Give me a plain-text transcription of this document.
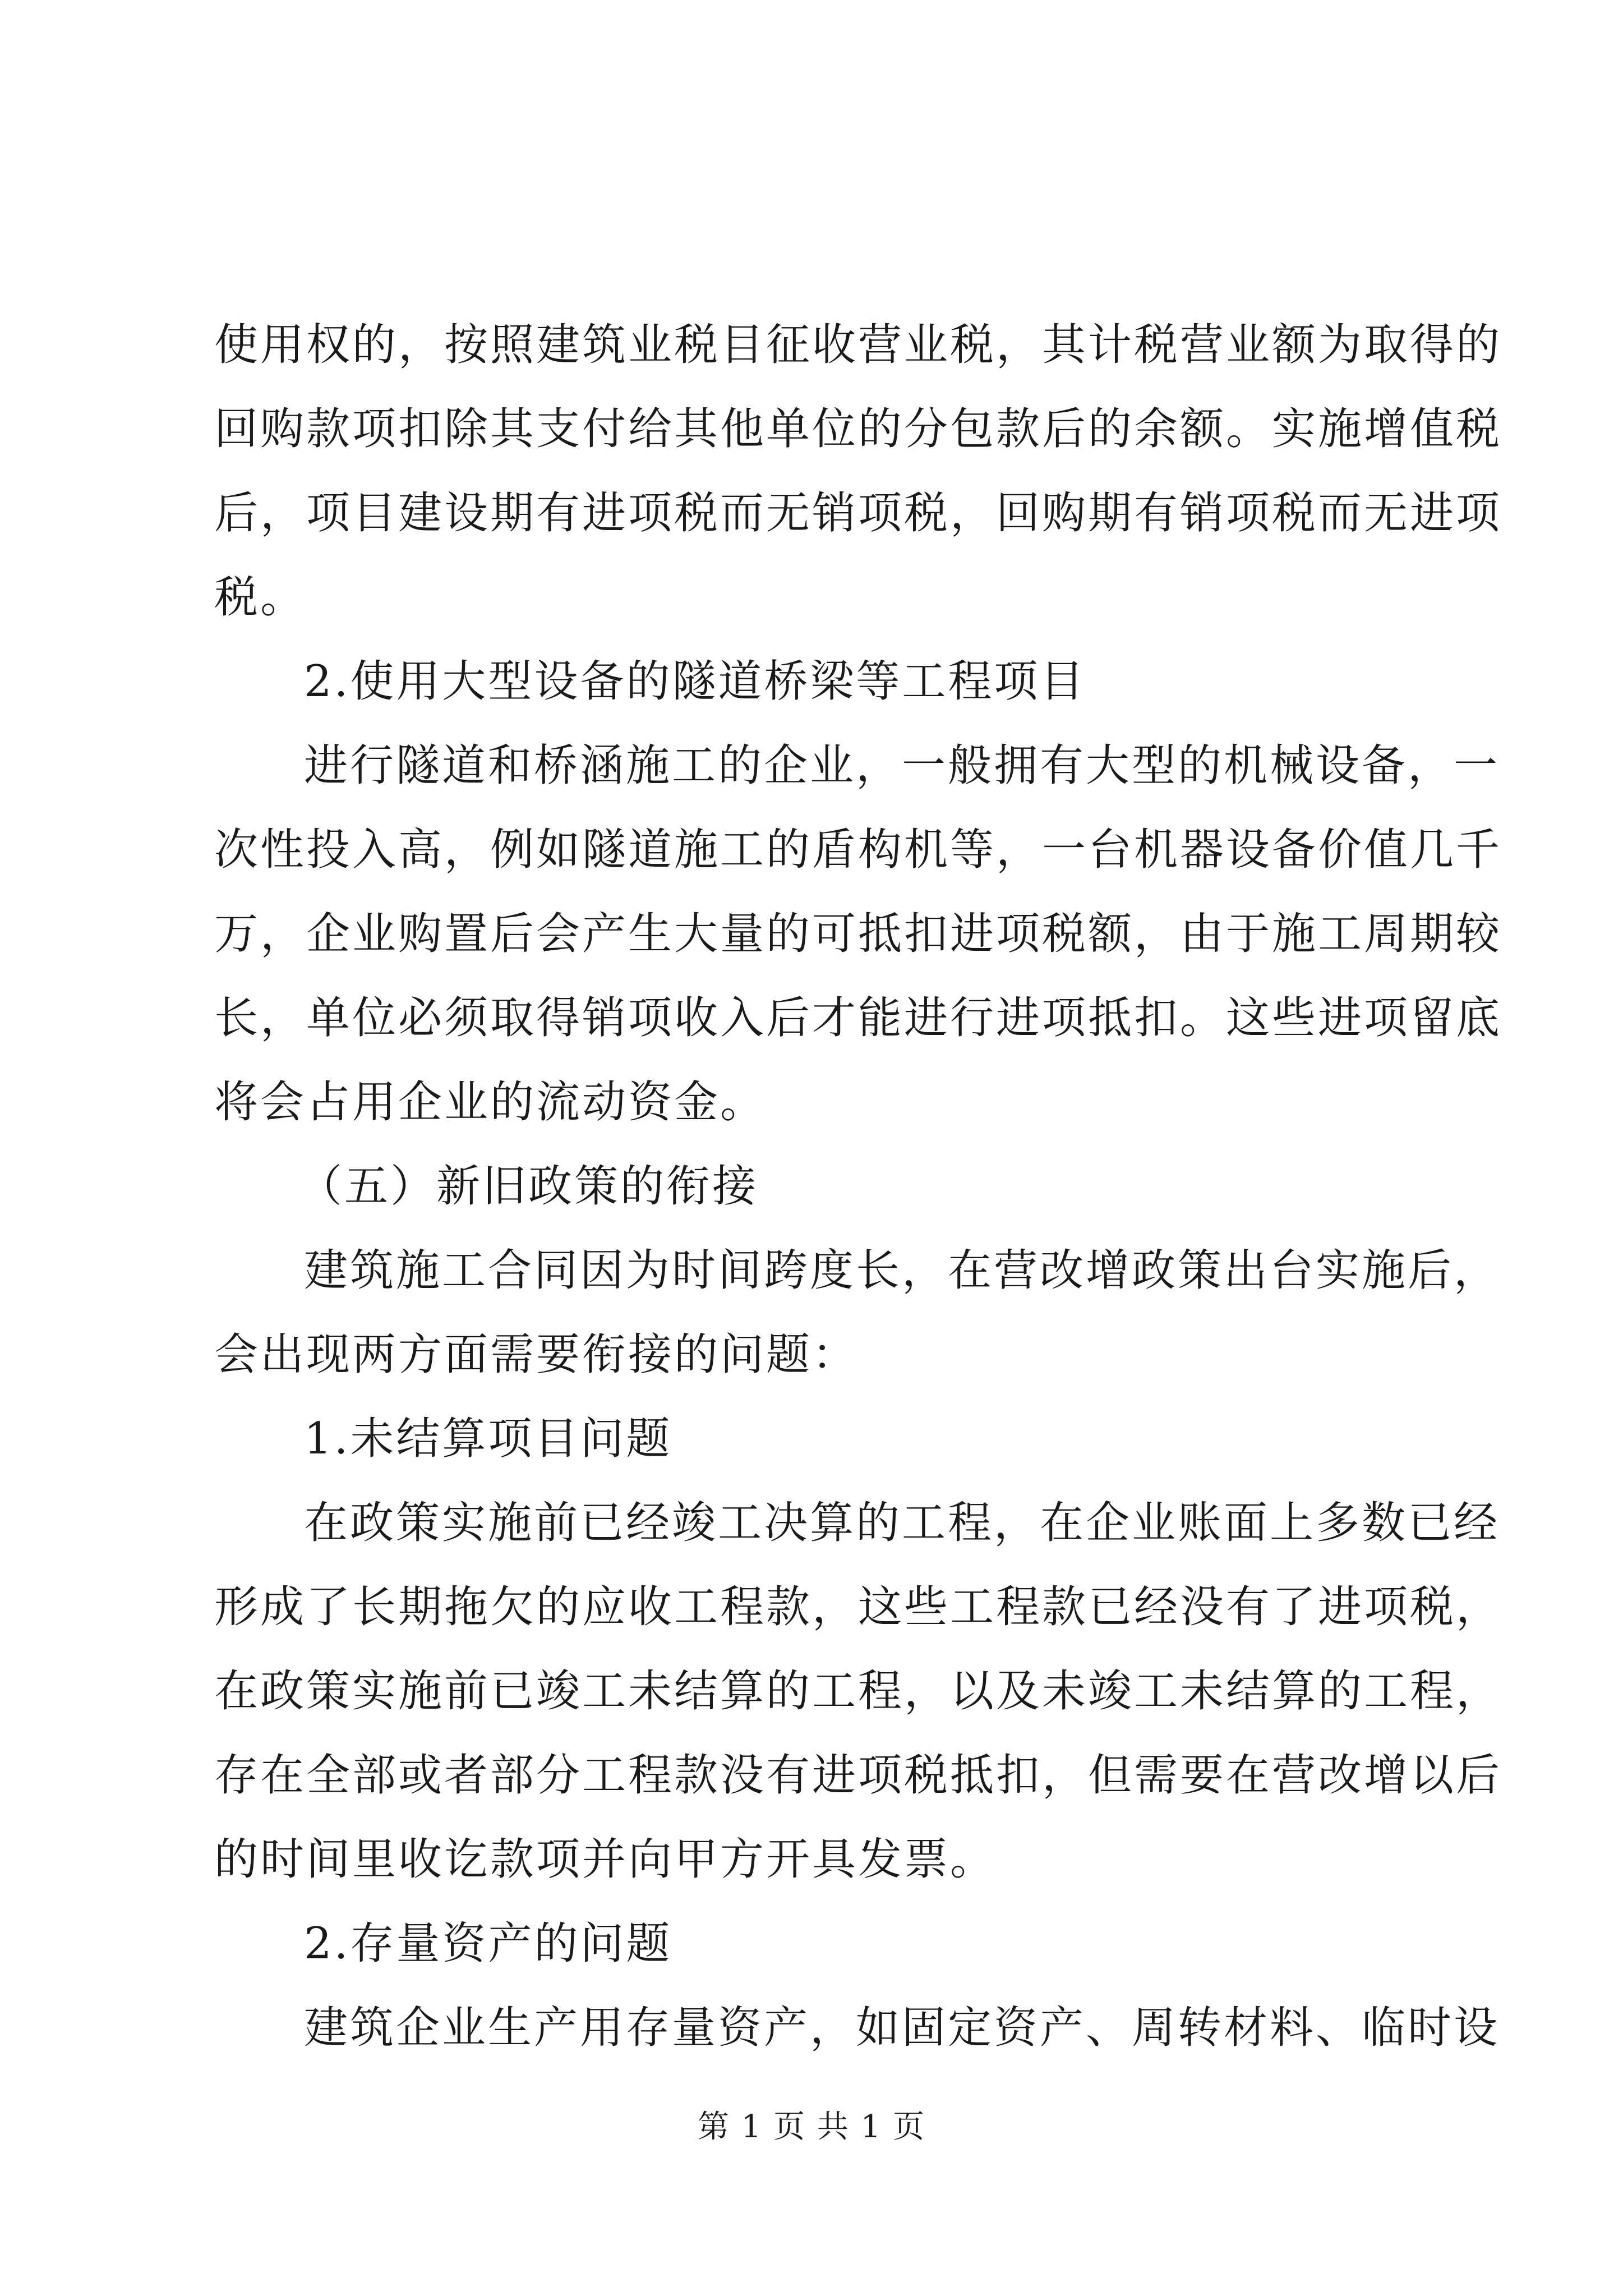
使用权的，按照建筑业税目征收营业税，其计税营业额为取得的
回购款项扣除其支付给其他单位的分包款后的余额。实施增值税
后，项目建设期有进项税而无销项税，回购期有销项税而无进项
税。
2.使用大型设备的隧道桥梁等工程项目
进行隧道和桥涵施工的企业，一般拥有大型的机械设备，一
次性投入高，例如隧道施工的盾构机等，一台机器设备价值几千
万，企业购置后会产生大量的可抵扣进项税额，由于施工周期较
长，单位必须取得销项收入后才能进行进项抵扣。这些进项留底
将会占用企业的流动资金。
（五）新旧政策的衔接
建筑施工合同因为时间跨度长，在营改增政策出台实施后，
会出现两方面需要衔接的问题：
1.未结算项目问题
在政策实施前已经竣工决算的工程，在企业账面上多数已经
形成了长期拖欠的应收工程款，这些工程款已经没有了进项税，
在政策实施前已竣工未结算的工程，以及未竣工未结算的工程，
存在全部或者部分工程款没有进项税抵扣，但需要在营改增以后
的时间里收讫款项并向甲方开具发票。
2.存量资产的问题
建筑企业生产用存量资产，如固定资产、周转材料、临时设
第 1 页 共 1 页
